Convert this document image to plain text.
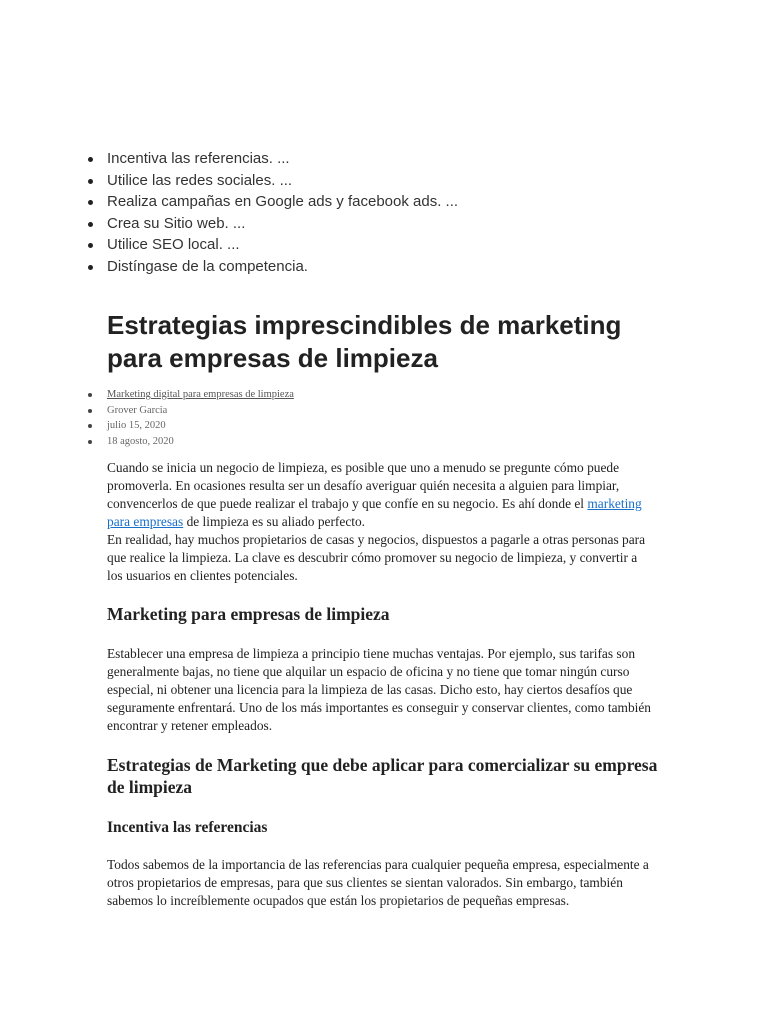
Incentiva las referencias. ...
Utilice las redes sociales. ...
Realiza campañas en Google ads y facebook ads. ...
Crea su Sitio web. ...
Utilice SEO local. ...
Distíngase de la competencia.
Estrategias imprescindibles de marketing para empresas de limpieza
Marketing digital para empresas de limpieza
Grover Garcia
julio 15, 2020
18 agosto, 2020

Cuando se inicia un negocio de limpieza, es posible que uno a menudo se pregunte cómo puede promoverla. En ocasiones resulta ser un desafío averiguar quién necesita a alguien para limpiar, convencerlos de que puede realizar el trabajo y que confíe en su negocio. Es ahí donde el marketing para empresas de limpieza es su aliado perfecto.
En realidad, hay muchos propietarios de casas y negocios, dispuestos a pagarle a otras personas para que realice la limpieza. La clave es descubrir cómo promover su negocio de limpieza, y convertir a los usuarios en clientes potenciales.

Marketing para empresas de limpieza

Establecer una empresa de limpieza a principio tiene muchas ventajas. Por ejemplo, sus tarifas son generalmente bajas, no tiene que alquilar un espacio de oficina y no tiene que tomar ningún curso especial, ni obtener una licencia para la limpieza de las casas. Dicho esto, hay ciertos desafíos que seguramente enfrentará. Uno de los más importantes es conseguir y conservar clientes, como también encontrar y retener empleados.

Estrategias de Marketing que debe aplicar para comercializar su empresa de limpieza
Incentiva las referencias

Todos sabemos de la importancia de las referencias para cualquier pequeña empresa, especialmente a otros propietarios de empresas, para que sus clientes se sientan valorados. Sin embargo, también sabemos lo increíblemente ocupados que están los propietarios de pequeñas empresas.
